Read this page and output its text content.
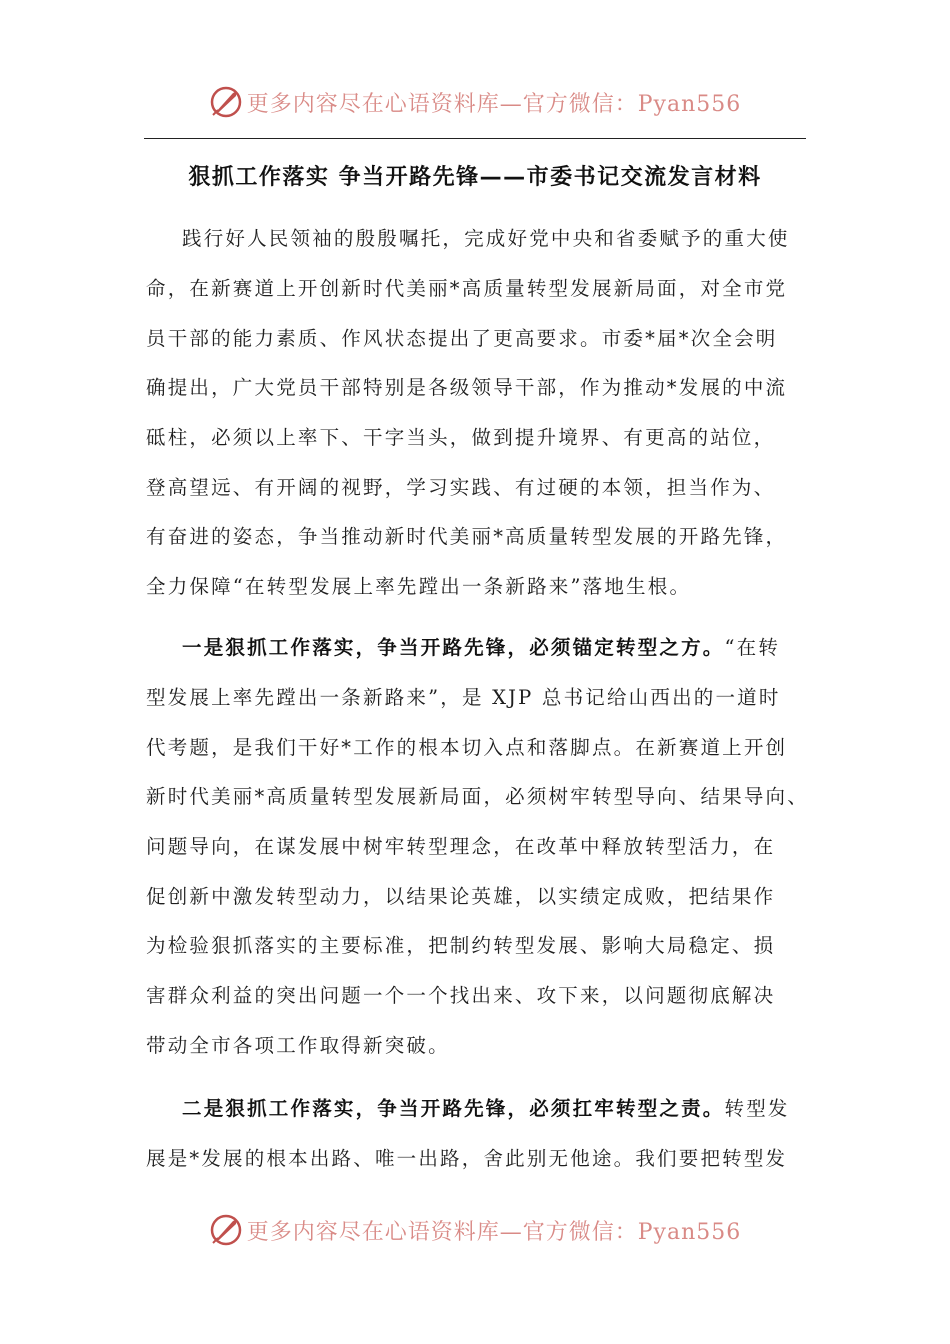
更多内容尽在心语资料库—官方微信：Pyan556
狠抓工作落实 争当开路先锋——市委书记交流发言材料
践行好人民领袖的殷殷嘱托，完成好党中央和省委赋予的重大使
命，在新赛道上开创新时代美丽*高质量转型发展新局面，对全市党
员干部的能力素质、作风状态提出了更高要求。市委*届*次全会明
确提出，广大党员干部特别是各级领导干部，作为推动*发展的中流
砥柱，必须以上率下、干字当头，做到提升境界、有更高的站位，
登高望远、有开阔的视野，学习实践、有过硬的本领，担当作为、
有奋进的姿态，争当推动新时代美丽*高质量转型发展的开路先锋，
全力保障“在转型发展上率先蹚出一条新路来”落地生根。
一是狠抓工作落实，争当开路先锋，必须锚定转型之方。“在转
型发展上率先蹚出一条新路来”，是 XJP 总书记给山西出的一道时
代考题，是我们干好*工作的根本切入点和落脚点。在新赛道上开创
新时代美丽*高质量转型发展新局面，必须树牢转型导向、结果导向、
问题导向，在谋发展中树牢转型理念，在改革中释放转型活力，在
促创新中激发转型动力，以结果论英雄，以实绩定成败，把结果作
为检验狠抓落实的主要标准，把制约转型发展、影响大局稳定、损
害群众利益的突出问题一个一个找出来、攻下来，以问题彻底解决
带动全市各项工作取得新突破。
二是狠抓工作落实，争当开路先锋，必须扛牢转型之责。转型发
展是*发展的根本出路、唯一出路，舍此别无他途。我们要把转型发
更多内容尽在心语资料库—官方微信：Pyan556
